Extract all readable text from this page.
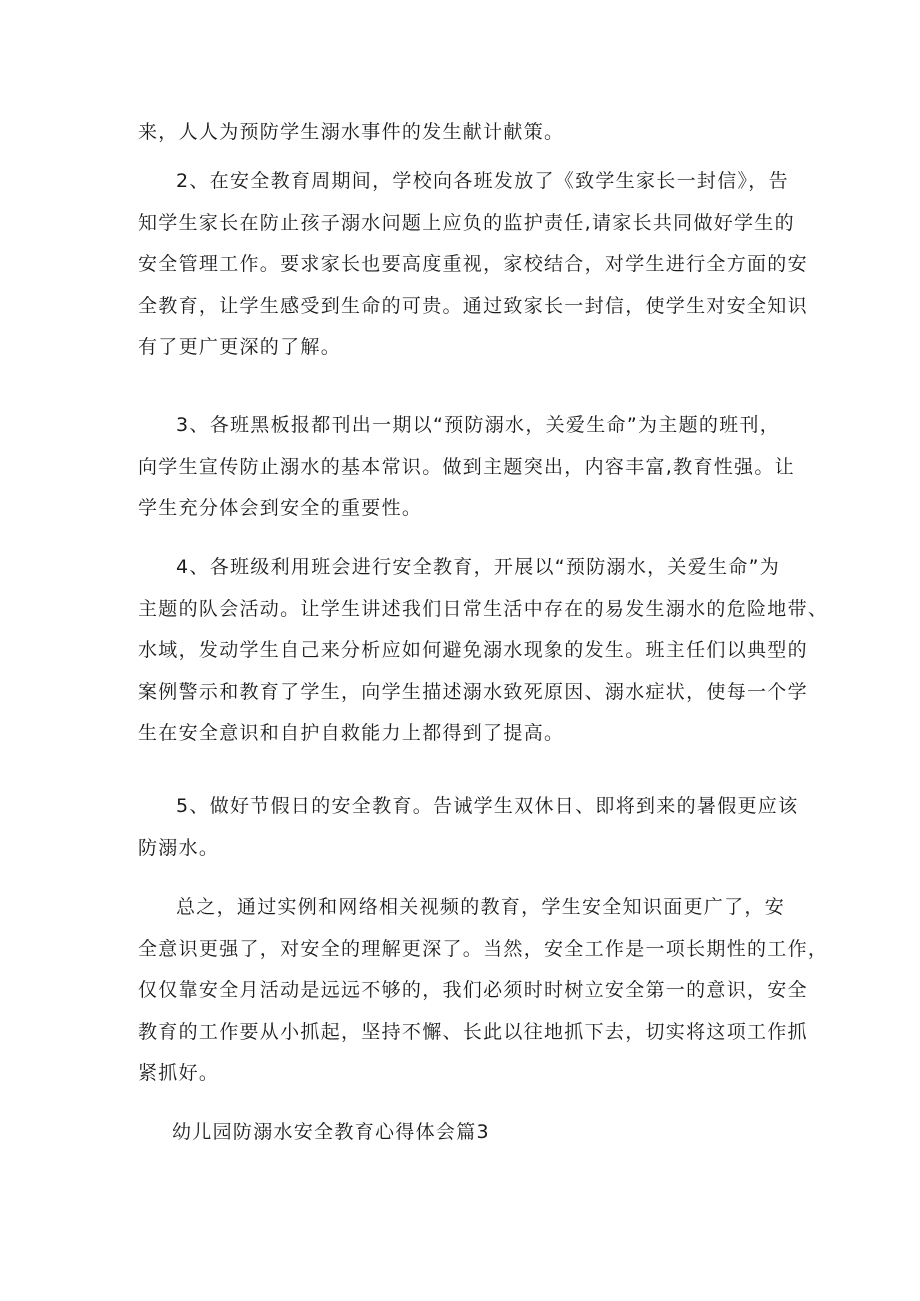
来，人人为预防学生溺水事件的发生献计献策。

2、在安全教育周期间，学校向各班发放了《致学生家长一封信》，告
知学生家长在防止孩子溺水问题上应负的监护责任,请家长共同做好学生的
安全管理工作。要求家长也要高度重视，家校结合，对学生进行全方面的安
全教育，让学生感受到生命的可贵。通过致家长一封信，使学生对安全知识
有了更广更深的了解。

3、各班黑板报都刊出一期以“预防溺水，关爱生命”为主题的班刊，
向学生宣传防止溺水的基本常识。做到主题突出，内容丰富,教育性强。让
学生充分体会到安全的重要性。

4、各班级利用班会进行安全教育，开展以“预防溺水，关爱生命”为
主题的队会活动。让学生讲述我们日常生活中存在的易发生溺水的危险地带、
水域，发动学生自己来分析应如何避免溺水现象的发生。班主任们以典型的
案例警示和教育了学生，向学生描述溺水致死原因、溺水症状，使每一个学
生在安全意识和自护自救能力上都得到了提高。

5、做好节假日的安全教育。告诫学生双休日、即将到来的暑假更应该
防溺水。

总之，通过实例和网络相关视频的教育，学生安全知识面更广了，安
全意识更强了，对安全的理解更深了。当然，安全工作是一项长期性的工作，
仅仅靠安全月活动是远远不够的，我们必须时时树立安全第一的意识，安全
教育的工作要从小抓起，坚持不懈、长此以往地抓下去，切实将这项工作抓
紧抓好。

幼儿园防溺水安全教育心得体会篇3
